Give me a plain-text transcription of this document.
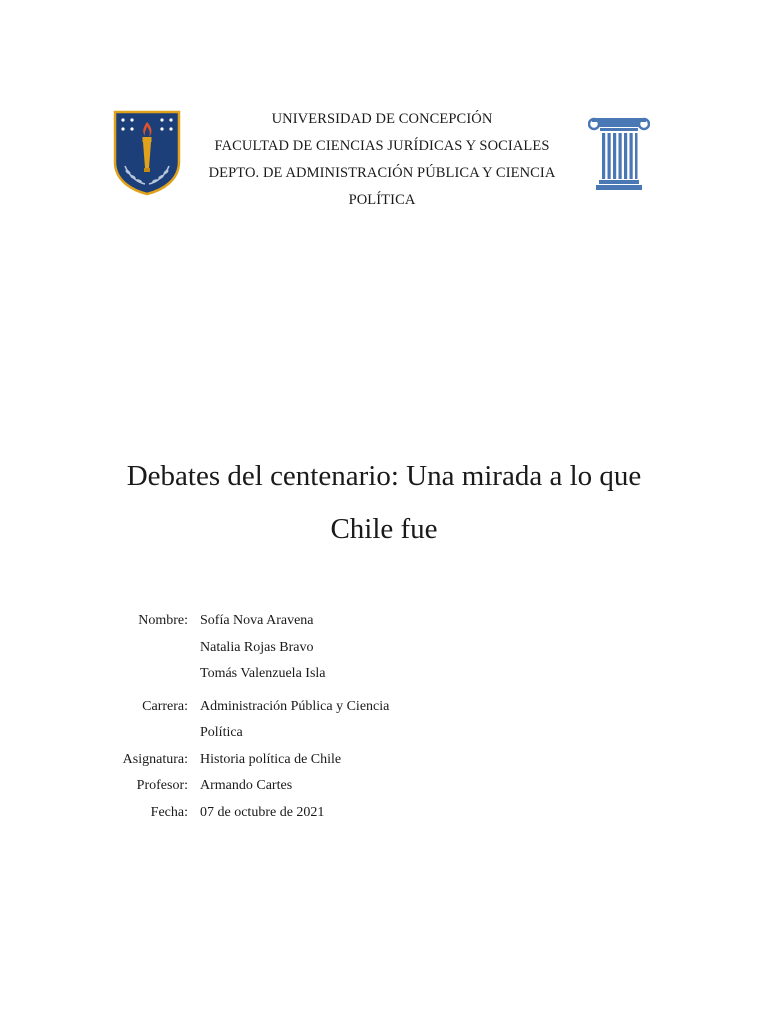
UNIVERSIDAD DE CONCEPCIÓN
FACULTAD DE CIENCIAS JURÍDICAS Y SOCIALES
DEPTO. DE ADMINISTRACIÓN PÚBLICA Y CIENCIA
POLÍTICA
Debates del centenario: Una mirada a lo que
Chile fue
Nombre: Sofía Nova Aravena
Natalia Rojas Bravo
Tomás Valenzuela Isla
Carrera: Administración Pública y Ciencia
Política
Asignatura: Historia política de Chile
Profesor: Armando Cartes
Fecha: 07 de octubre de 2021
